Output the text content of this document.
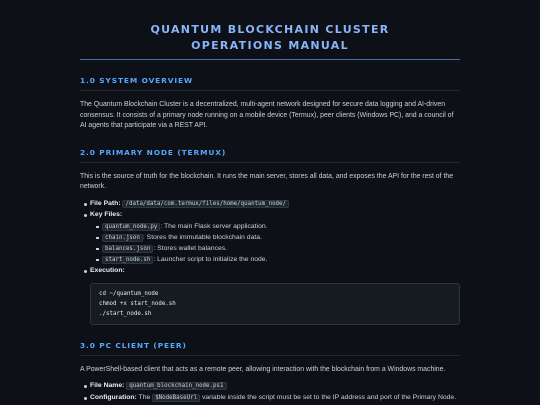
QUANTUM BLOCKCHAIN CLUSTER
OPERATIONS MANUAL
1.0 SYSTEM OVERVIEW

The Quantum Blockchain Cluster is a decentralized, multi-agent network designed for secure data logging and AI-driven consensus. It consists of a primary node running on a mobile device (Termux), peer clients (Windows PC), and a council of AI agents that participate via a REST API.

2.0 PRIMARY NODE (TERMUX)

This is the source of truth for the blockchain. It runs the main server, stores all data, and exposes the API for the rest of the network.

File Path: /data/data/com.termux/files/home/quantum_node/
Key Files:
quantum_node.py : The main Flask server application.
chain.json : Stores the immutable blockchain data.
balances.json : Stores wallet balances.
start_node.sh : Launcher script to initialize the node.
Execution:
cd ~/quantum_node
chmod +x start_node.sh
./start_node.sh
3.0 PC CLIENT (PEER)

A PowerShell-based client that acts as a remote peer, allowing interaction with the blockchain from a Windows machine.

File Name: quantum_blockchain_node.ps1
Configuration: The $NodeBaseUrl variable inside the script must be set to the IP address and port of the Primary Node.
